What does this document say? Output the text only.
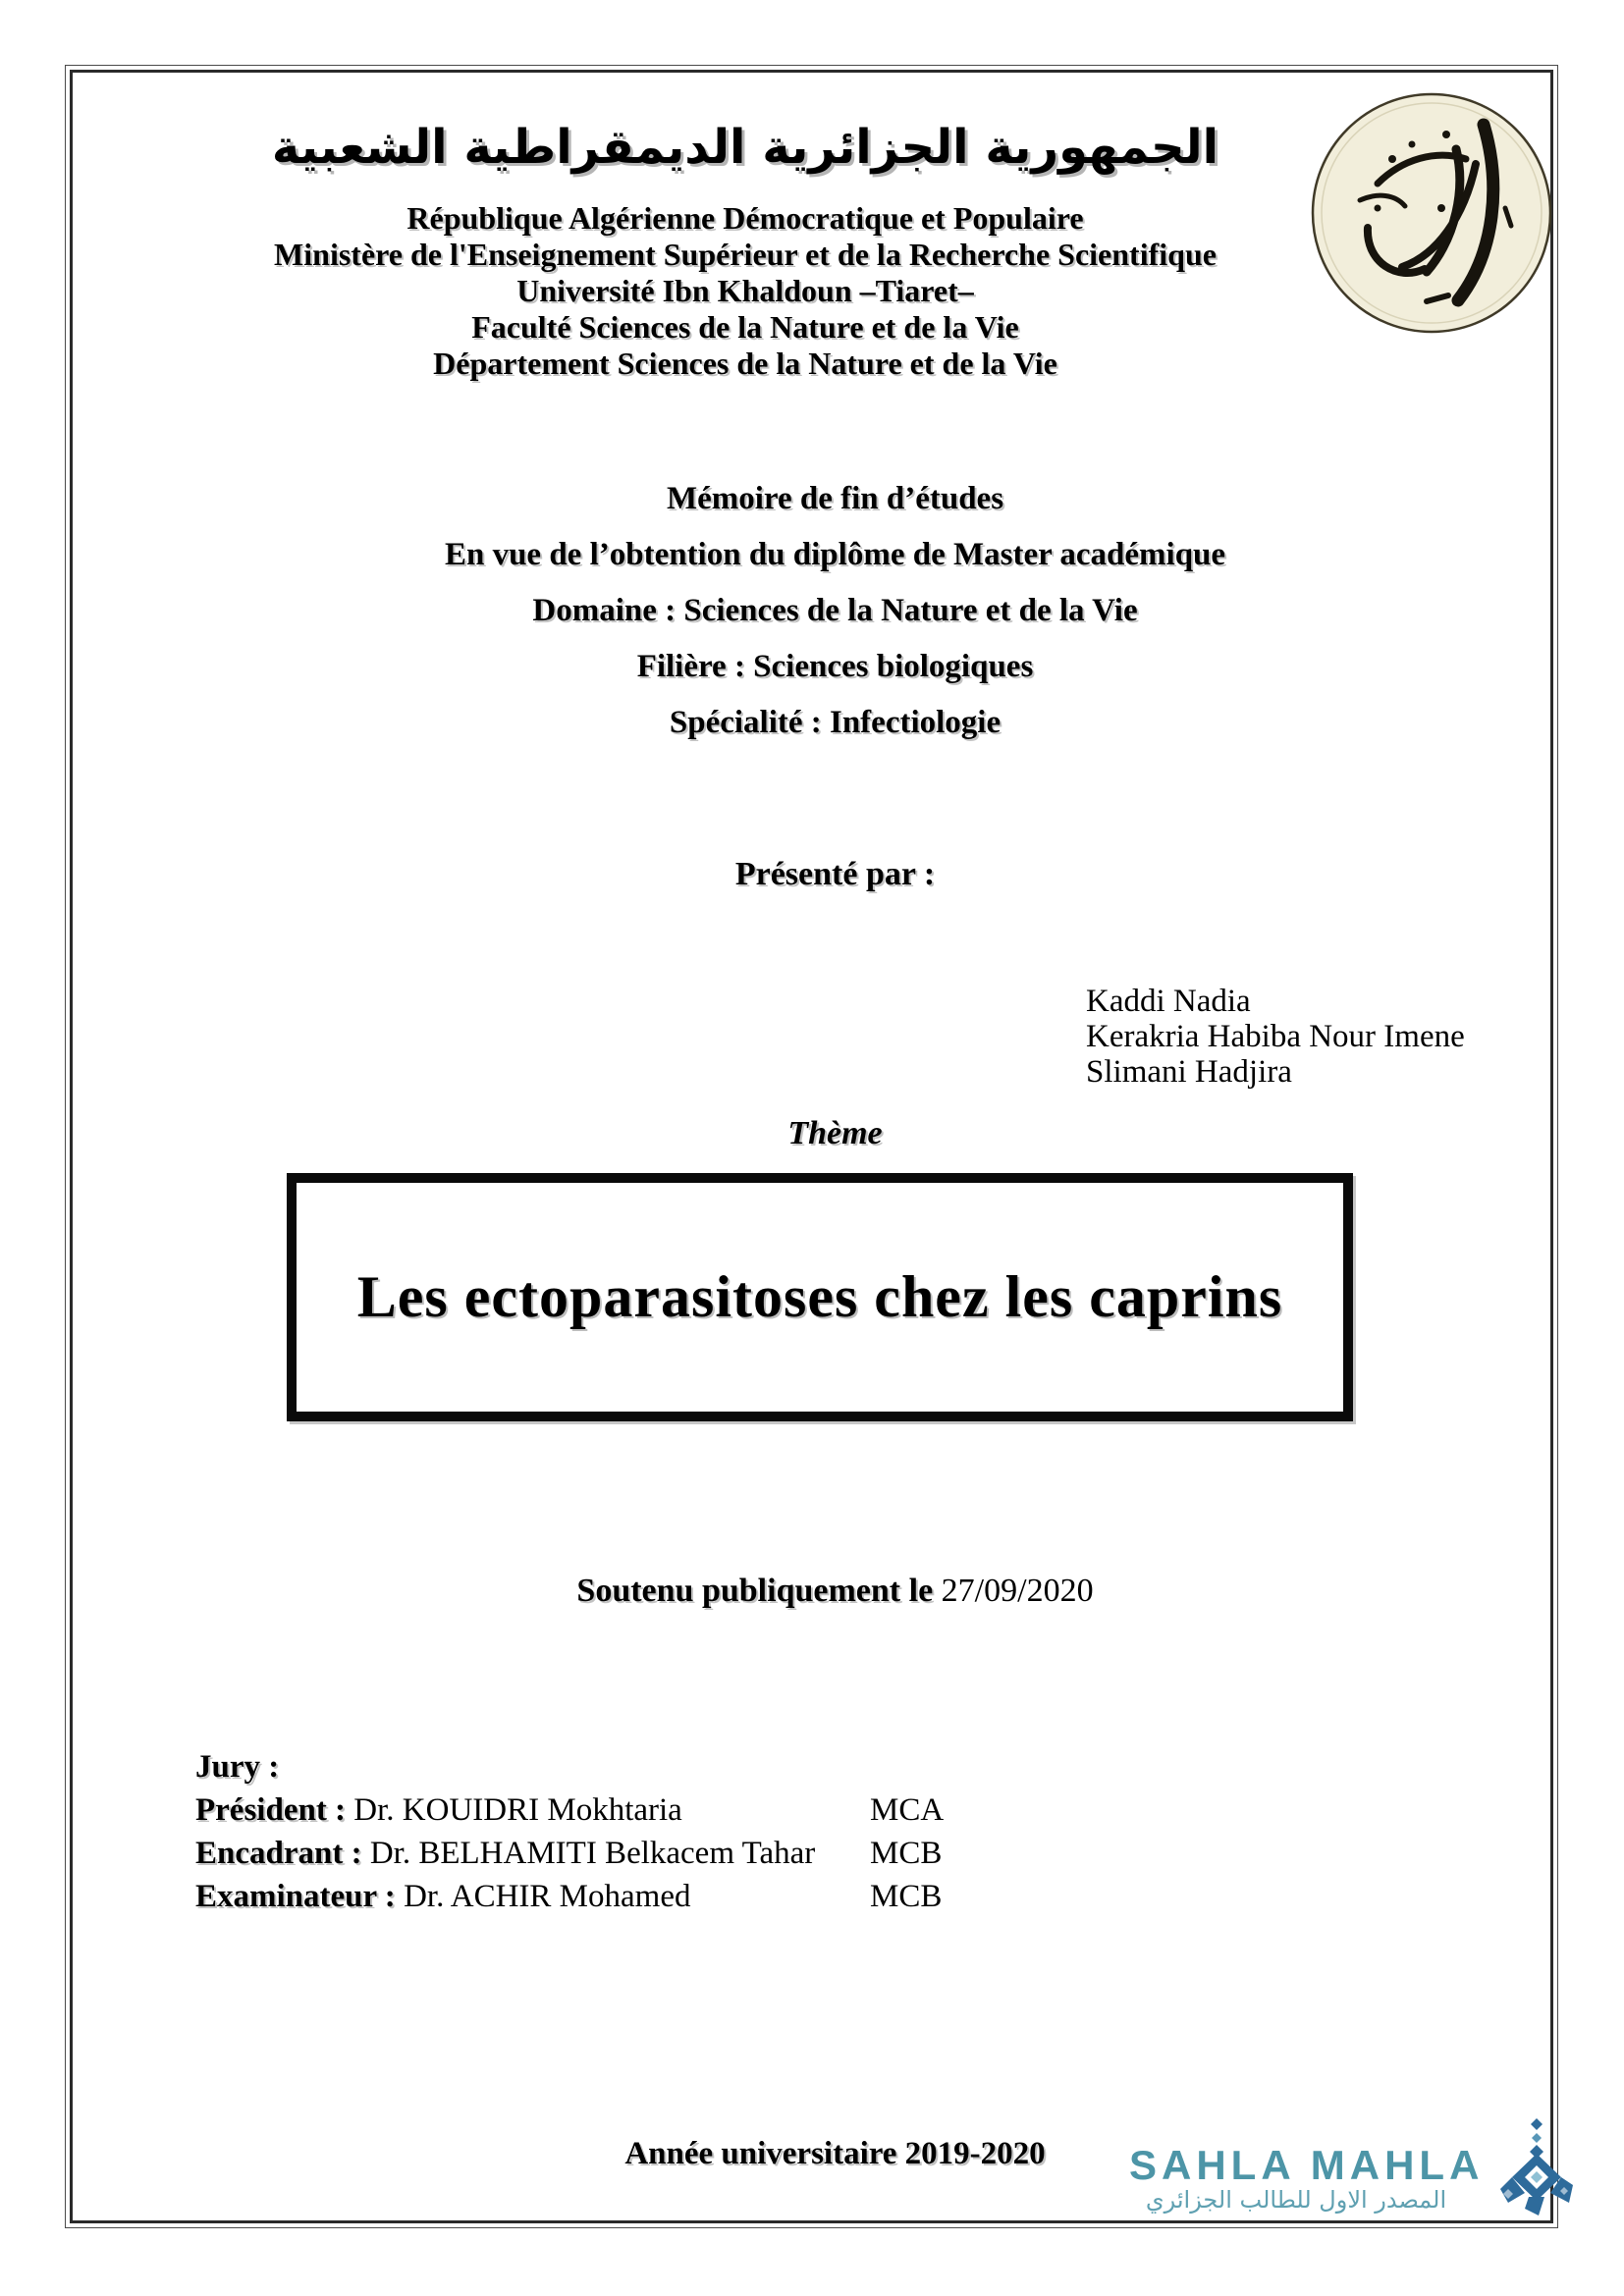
الجمهورية الجزائرية الديمقراطية الشعبية
République Algérienne Démocratique et Populaire
Ministère de l'Enseignement Supérieur et de la Recherche Scientifique
Université Ibn Khaldoun –Tiaret–
Faculté Sciences de la Nature et de la Vie
Département Sciences de la Nature et de la Vie
Mémoire de fin d’études
En vue de l’obtention du diplôme de Master académique
Domaine : Sciences de la Nature et de la Vie
Filière : Sciences biologiques
Spécialité : Infectiologie
Présenté par :
Kaddi Nadia
Kerakria Habiba Nour Imene
Slimani Hadjira
Thème
Les ectoparasitoses chez les caprins
Soutenu publiquement le 27/09/2020
Jury :
Président : Dr. KOUIDRI Mokhtaria	MCA
Encadrant : Dr. BELHAMITI Belkacem Tahar MCB
Examinateur : Dr. ACHIR Mohamed	MCB
Année universitaire 2019-2020	SAHLA MAHLA
المصدر الاول للطالب الجزائري
